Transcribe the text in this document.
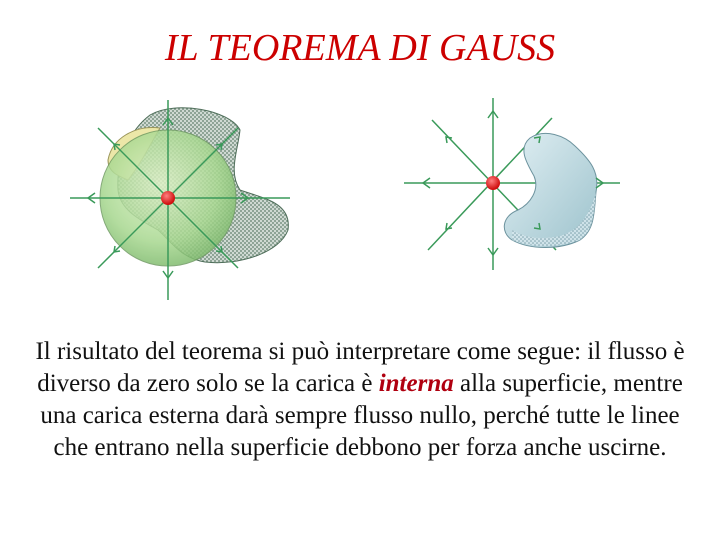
IL TEOREMA DI GAUSS
Il risultato del teorema si può interpretare come segue: il flusso è diverso da zero solo se la carica è interna alla superficie, mentre una carica esterna darà sempre flusso nullo, perché tutte le linee che entrano nella superficie debbono per forza anche uscirne.
